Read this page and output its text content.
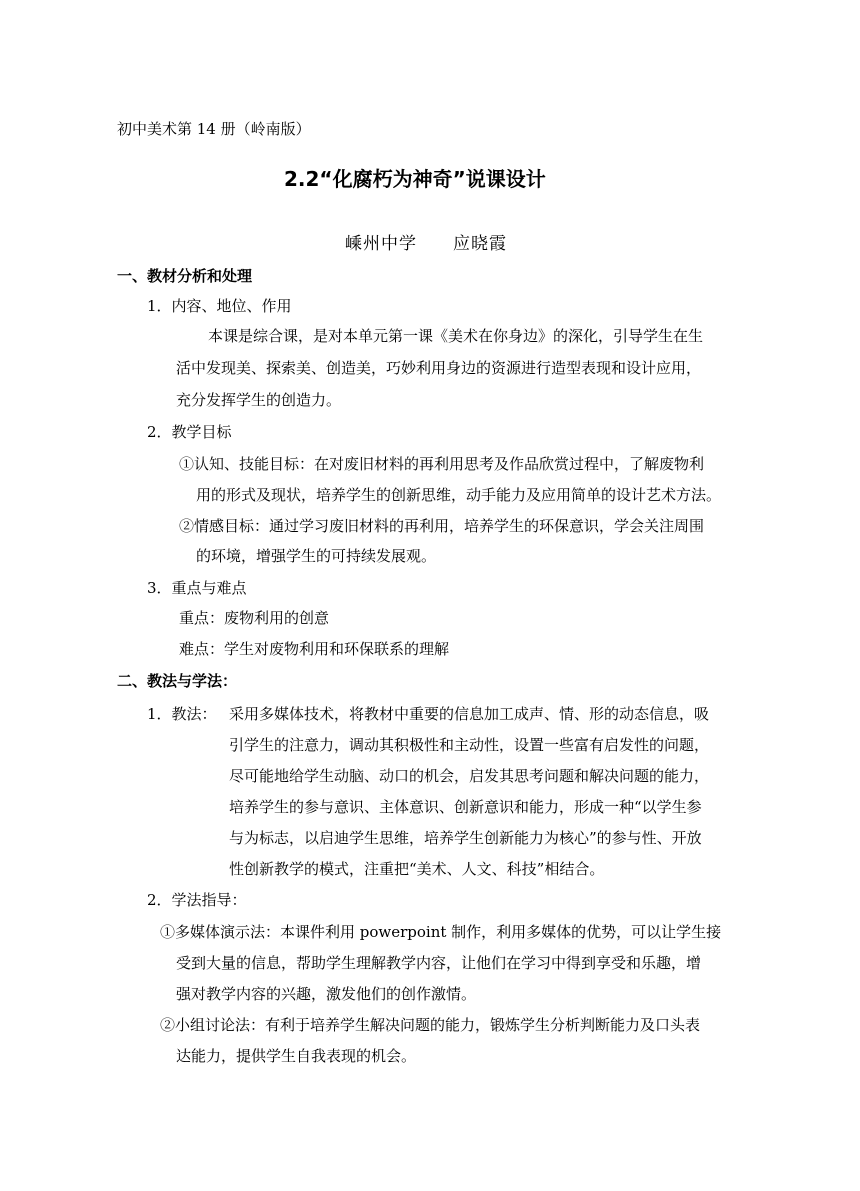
初中美术第 14 册（岭南版）
2.2“化腐朽为神奇”说课设计
嵊州中学 应晓霞
一、教材分析和处理
1．内容、地位、作用
本课是综合课，是对本单元第一课《美术在你身边》的深化，引导学生在生
活中发现美、探索美、创造美，巧妙利用身边的资源进行造型表现和设计应用，
充分发挥学生的创造力。
2．教学目标
①认知、技能目标：在对废旧材料的再利用思考及作品欣赏过程中，了解废物利
用的形式及现状，培养学生的创新思维，动手能力及应用简单的设计艺术方法。
②情感目标：通过学习废旧材料的再利用，培养学生的环保意识，学会关注周围
的环境，增强学生的可持续发展观。
3．重点与难点
重点：废物利用的创意
难点：学生对废物利用和环保联系的理解
二、教法与学法：
1．教法： 采用多媒体技术，将教材中重要的信息加工成声、情、形的动态信息，吸
引学生的注意力，调动其积极性和主动性，设置一些富有启发性的问题，
尽可能地给学生动脑、动口的机会，启发其思考问题和解决问题的能力，
培养学生的参与意识、主体意识、创新意识和能力，形成一种“以学生参
与为标志，以启迪学生思维，培养学生创新能力为核心”的参与性、开放
性创新教学的模式，注重把“美术、人文、科技”相结合。
2．学法指导：
①多媒体演示法：本课件利用 powerpoint 制作，利用多媒体的优势，可以让学生接
受到大量的信息，帮助学生理解教学内容，让他们在学习中得到享受和乐趣，增
强对教学内容的兴趣，激发他们的创作激情。
②小组讨论法：有利于培养学生解决问题的能力，锻炼学生分析判断能力及口头表
达能力，提供学生自我表现的机会。
